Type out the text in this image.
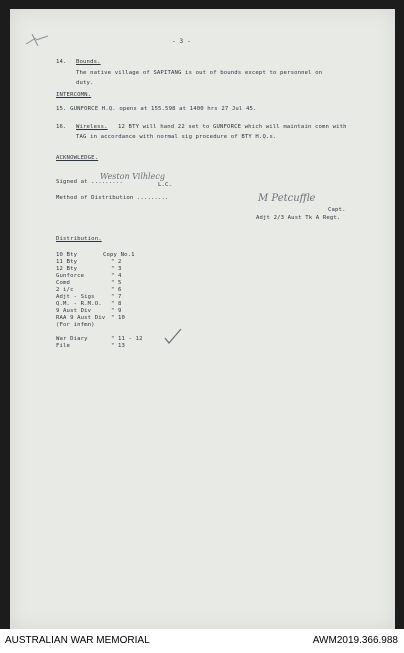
- 3 -
14. Bounds.
The native village of SAPITANG is out of bounds except to personnel on
duty.
INTERCOMN.
15. GUNFORCE H.Q. opens at 155.598 at 1400 hrs 27 Jul 45.
16. Wireless. 12 BTY will hand 22 set to GUNFORCE which will maintain comn with
TAG in accordance with normal sig procedure of BTY H.Q.s.
ACKNOWLEDGE.
Signed at .........
Weston Vilhlecg
L.C.
Method of Distribution .........	M Petcuffle
Capt.
Adjt 2/3 Aust Tk A Regt.
Distribution.
10 Bty	Copy No.1
11 Bty	" 2
12 Bty	" 3
Gunforce	" 4
Comd	" 5
2 i/c	" 6
Adjt - Sigs	" 7
Q.M. - R.M.O. " 8
9 Aust Div	" 9
RAA 9 Aust Div " 10
(For infmn)
War Diary	" 11 - 12
File	" 13
AUSTRALIAN WAR MEMORIAL	AWM2019.366.988
